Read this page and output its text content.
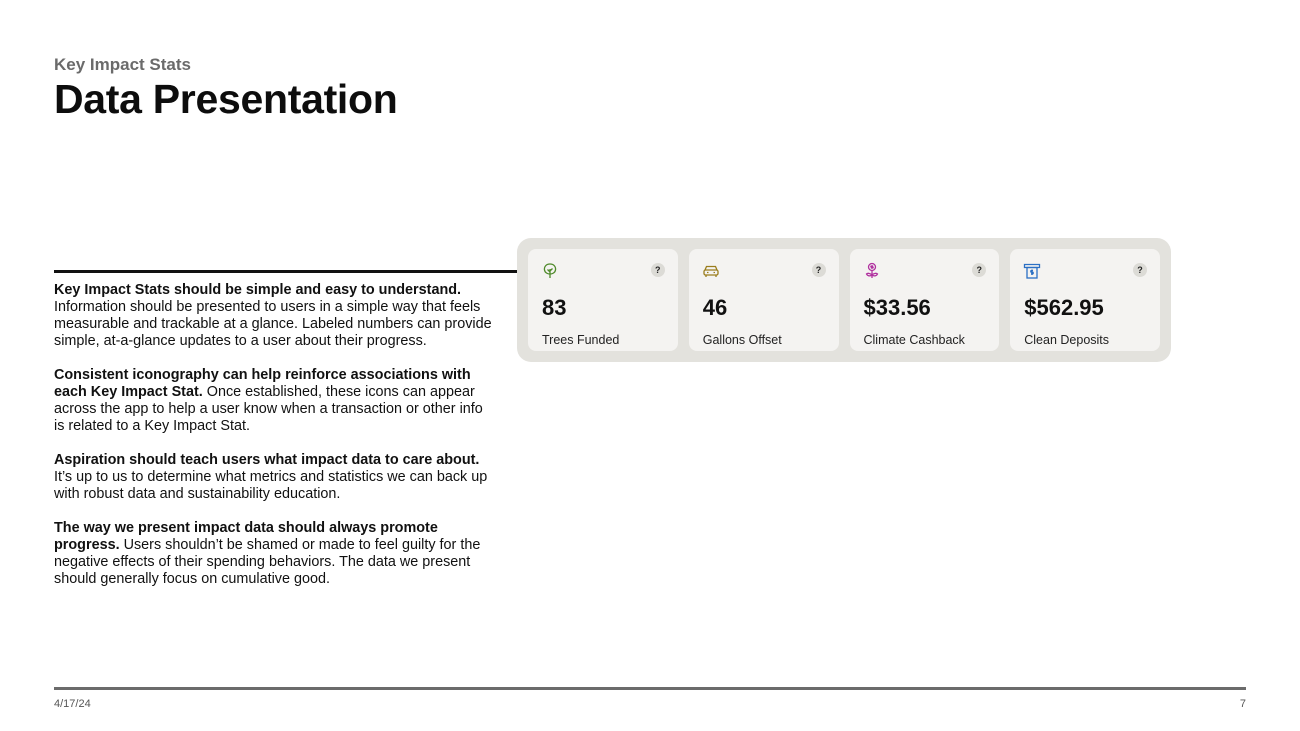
Key Impact Stats
Data Presentation

Key Impact Stats should be simple and easy to understand. Information should be presented to users in a simple way that feels measurable and trackable at a glance. Labeled numbers can provide simple, at-a-glance updates to a user about their progress.

Consistent iconography can help reinforce associations with each Key Impact Stat. Once established, these icons can appear across the app to help a user know when a transaction or other info is related to a Key Impact Stat.

Aspiration should teach users what impact data to care about. It’s up to us to determine what metrics and statistics we can back up with robust data and sustainability education.

The way we present impact data should always promote progress. Users shouldn’t be shamed or made to feel guilty for the negative effects of their spending behaviors. The data we present should generally focus on cumulative good.

?
83
Trees Funded
?
46
Gallons Offset
?
$33.56
Climate Cashback
?
$562.95
Clean Deposits
4/17/24	7
